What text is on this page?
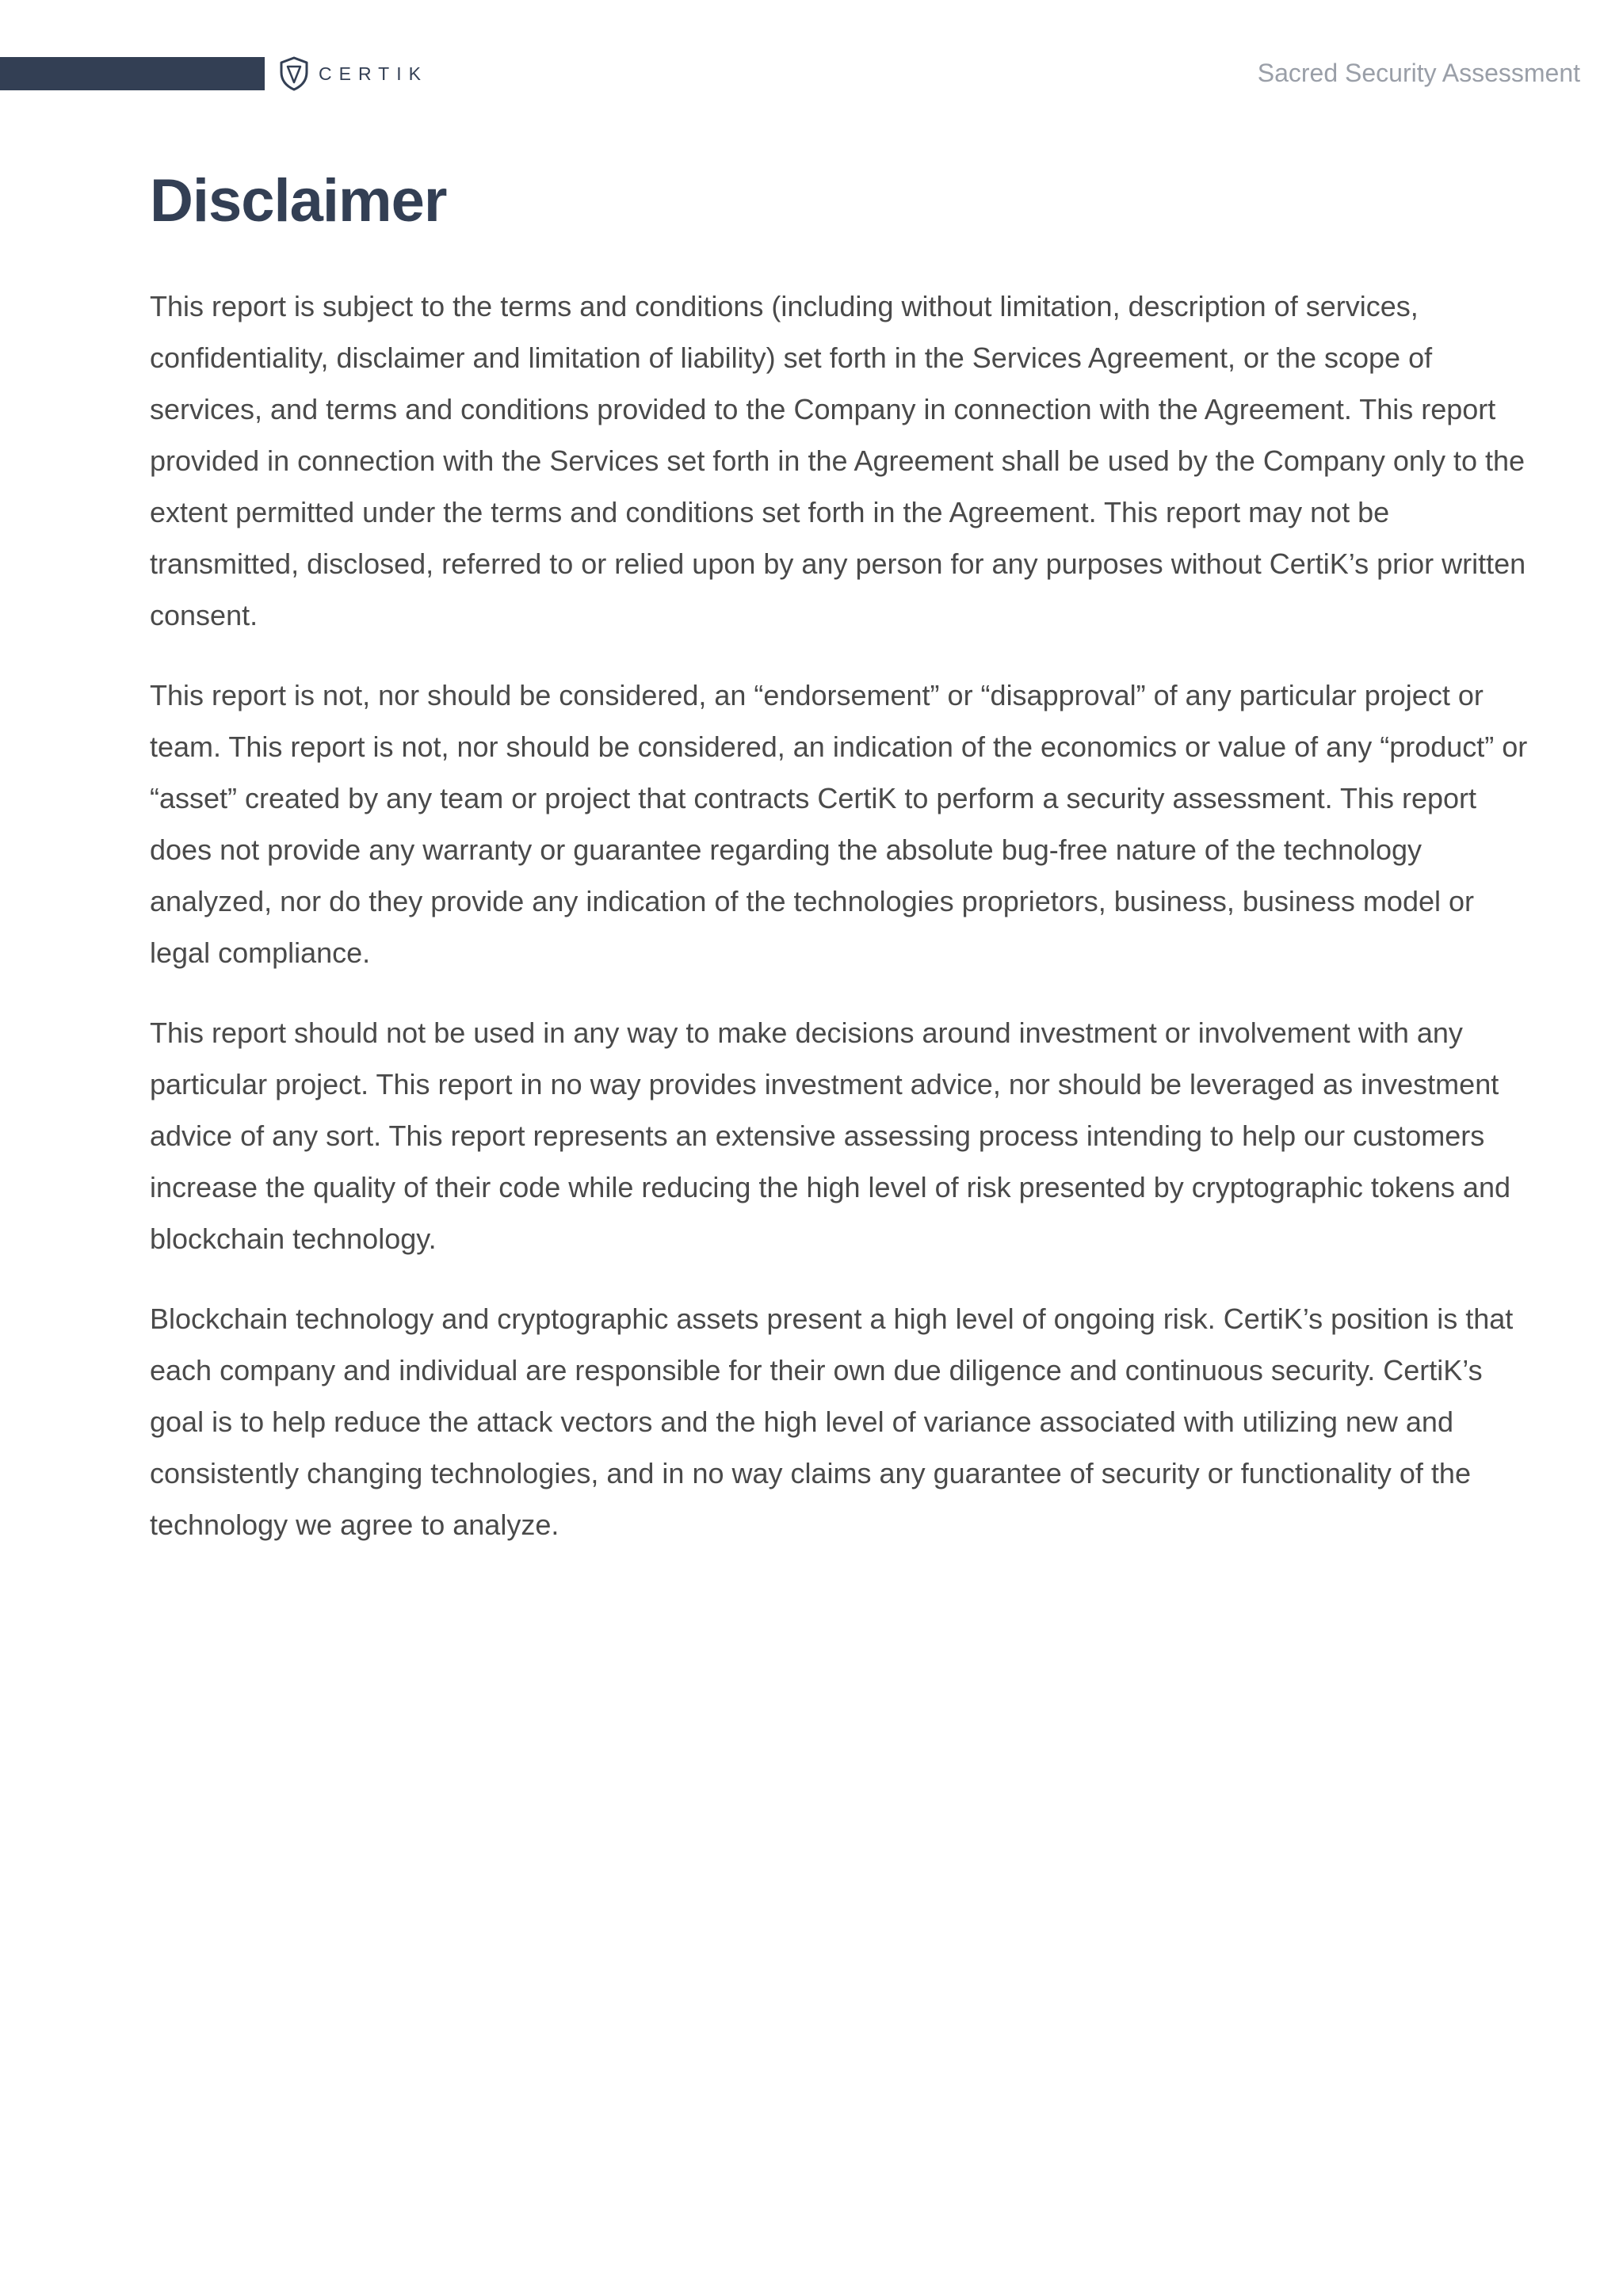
CERTIK	Sacred Security Assessment
Disclaimer

This report is subject to the terms and conditions (including without limitation, description of services, confidentiality, disclaimer and limitation of liability) set forth in the Services Agreement, or the scope of services, and terms and conditions provided to the Company in connection with the Agreement. This report provided in connection with the Services set forth in the Agreement shall be used by the Company only to the extent permitted under the terms and conditions set forth in the Agreement. This report may not be transmitted, disclosed, referred to or relied upon by any person for any purposes without CertiK’s prior written consent.

This report is not, nor should be considered, an “endorsement” or “disapproval” of any particular project or team. This report is not, nor should be considered, an indication of the economics or value of any “product” or “asset” created by any team or project that contracts CertiK to perform a security assessment. This report does not provide any warranty or guarantee regarding the absolute bug-free nature of the technology analyzed, nor do they provide any indication of the technologies proprietors, business, business model or legal compliance.

This report should not be used in any way to make decisions around investment or involvement with any particular project. This report in no way provides investment advice, nor should be leveraged as investment advice of any sort. This report represents an extensive assessing process intending to help our customers increase the quality of their code while reducing the high level of risk presented by cryptographic tokens and blockchain technology.

Blockchain technology and cryptographic assets present a high level of ongoing risk. CertiK’s position is that each company and individual are responsible for their own due diligence and continuous security. CertiK’s goal is to help reduce the attack vectors and the high level of variance associated with utilizing new and consistently changing technologies, and in no way claims any guarantee of security or functionality of the technology we agree to analyze.
